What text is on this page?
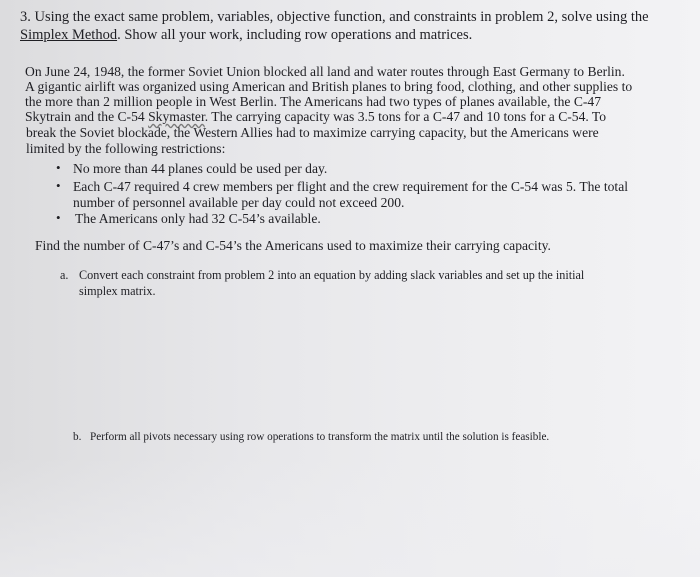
3. Using the exact same problem, variables, objective function, and constraints in problem 2, solve using the
Simplex Method. Show all your work, including row operations and matrices.
On June 24, 1948, the former Soviet Union blocked all land and water routes through East Germany to Berlin.
A gigantic airlift was organized using American and British planes to bring food, clothing, and other supplies to
the more than 2 million people in West Berlin. The Americans had two types of planes available, the C-47
Skytrain and the C-54 Skymaster. The carrying capacity was 3.5 tons for a C-47 and 10 tons for a C-54. To
break the Soviet blockade, the Western Allies had to maximize carrying capacity, but the Americans were
limited by the following restrictions:
• No more than 44 planes could be used per day.
• Each C-47 required 4 crew members per flight and the crew requirement for the C-54 was 5. The total
number of personnel available per day could not exceed 200.
• The Americans only had 32 C-54’s available.
Find the number of C-47’s and C-54’s the Americans used to maximize their carrying capacity.
a. Convert each constraint from problem 2 into an equation by adding slack variables and set up the initial
simplex matrix.
b. Perform all pivots necessary using row operations to transform the matrix until the solution is feasible.
